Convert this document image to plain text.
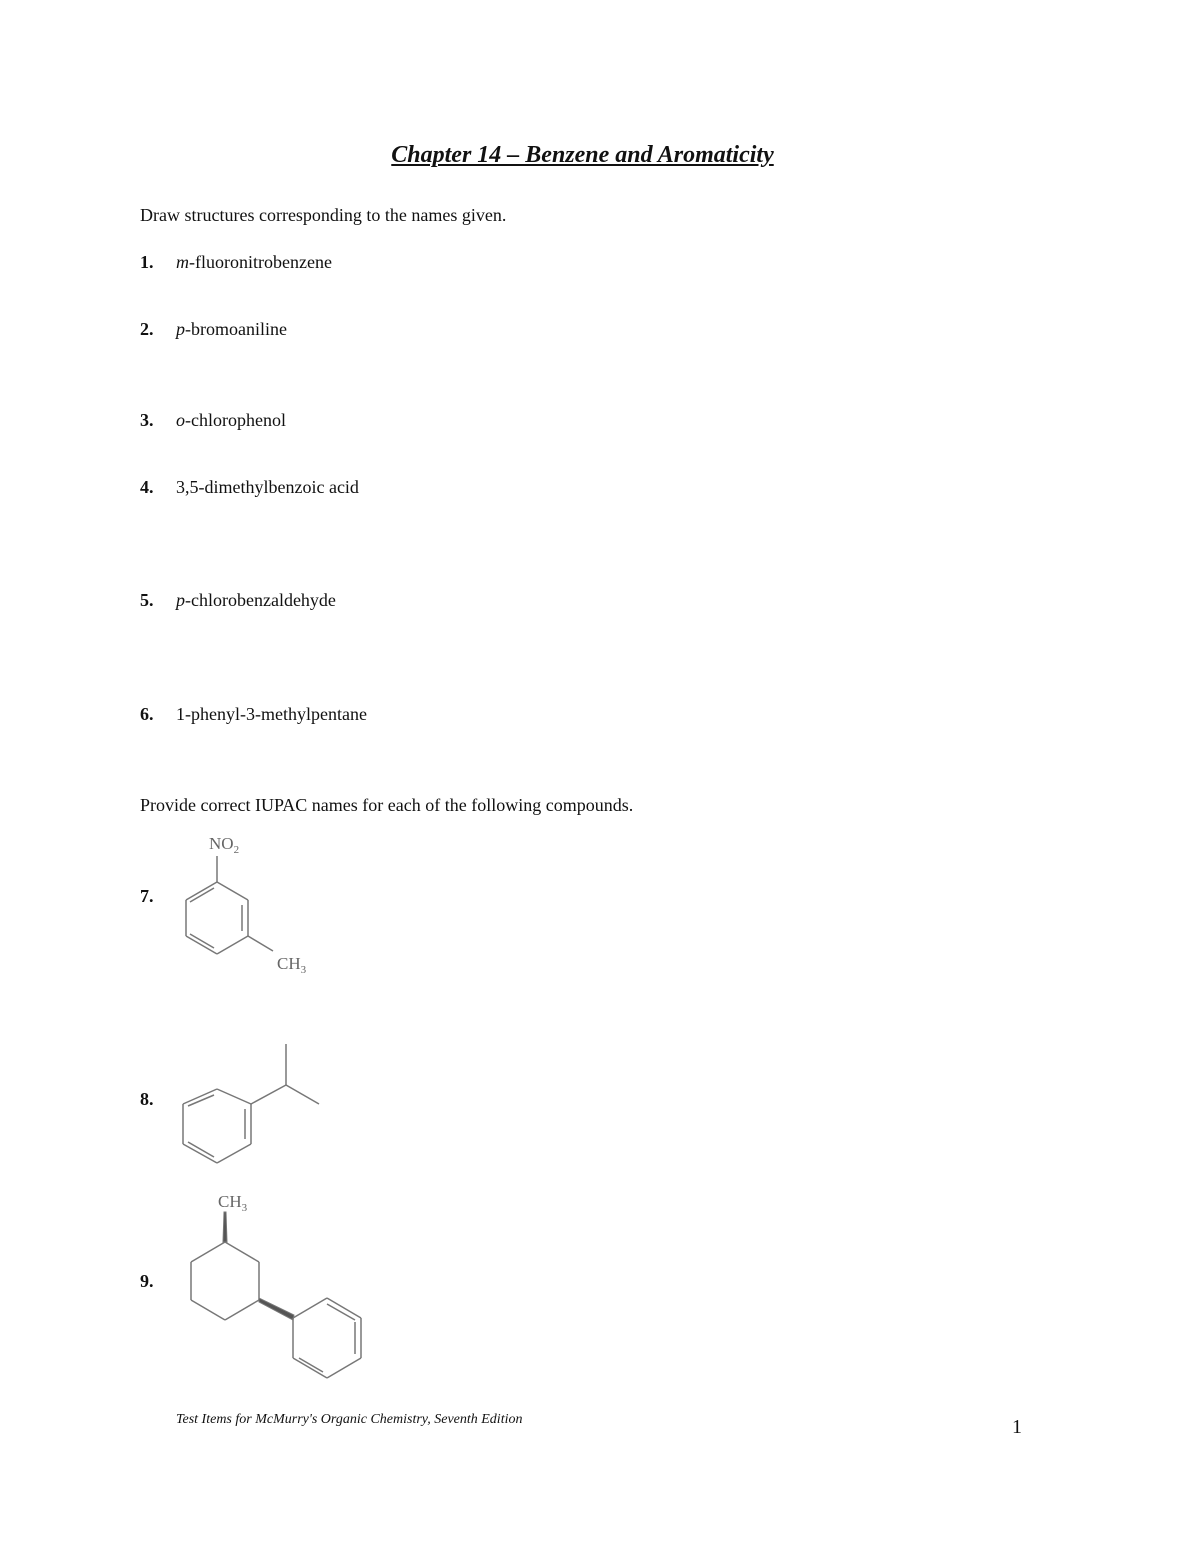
Chapter 14 – Benzene and Aromaticity
Draw structures corresponding to the names given.
1. m-fluoronitrobenzene
2. p-bromoaniline
3. o-chlorophenol
4. 3,5-dimethylbenzoic acid
5. p-chlorobenzaldehyde
6. 1-phenyl-3-methylpentane
Provide correct IUPAC names for each of the following compounds.
7.
$NO_2$
$CH_3$
8.
9.
$CH_3$
Test Items for McMurry's Organic Chemistry, Seventh Edition	1
